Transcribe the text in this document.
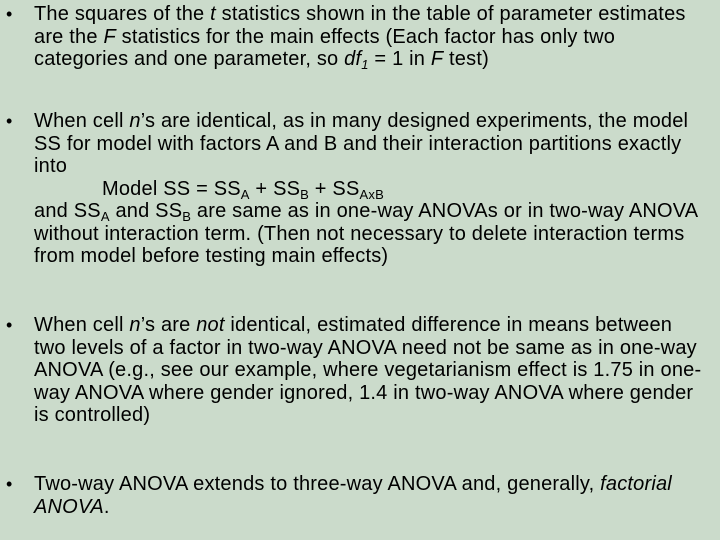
•	The squares of the t statistics shown in the table of parameter estimates are the F statistics for the main effects (Each factor has only two categories and one parameter, so $df_1 = 1$ in F test)
•	When cell n’s are identical, as in many designed experiments, the model SS for model with factors A and B and their interaction partitions exactly into
Model SS = $SS_A + SS_B + SS_{AxB}$
and $SS_A$ and $SS_B$ are same as in one-way ANOVAs or in two-way ANOVA without interaction term. (Then not necessary to delete interaction terms from model before testing main effects)
•	When cell n’s are not identical, estimated difference in means between two levels of a factor in two-way ANOVA need not be same as in one-way ANOVA (e.g., see our example, where vegetarianism effect is 1.75 in one-way ANOVA where gender ignored, 1.4 in two-way ANOVA where gender is controlled)
•	Two-way ANOVA extends to three-way ANOVA and, generally, factorial ANOVA.
